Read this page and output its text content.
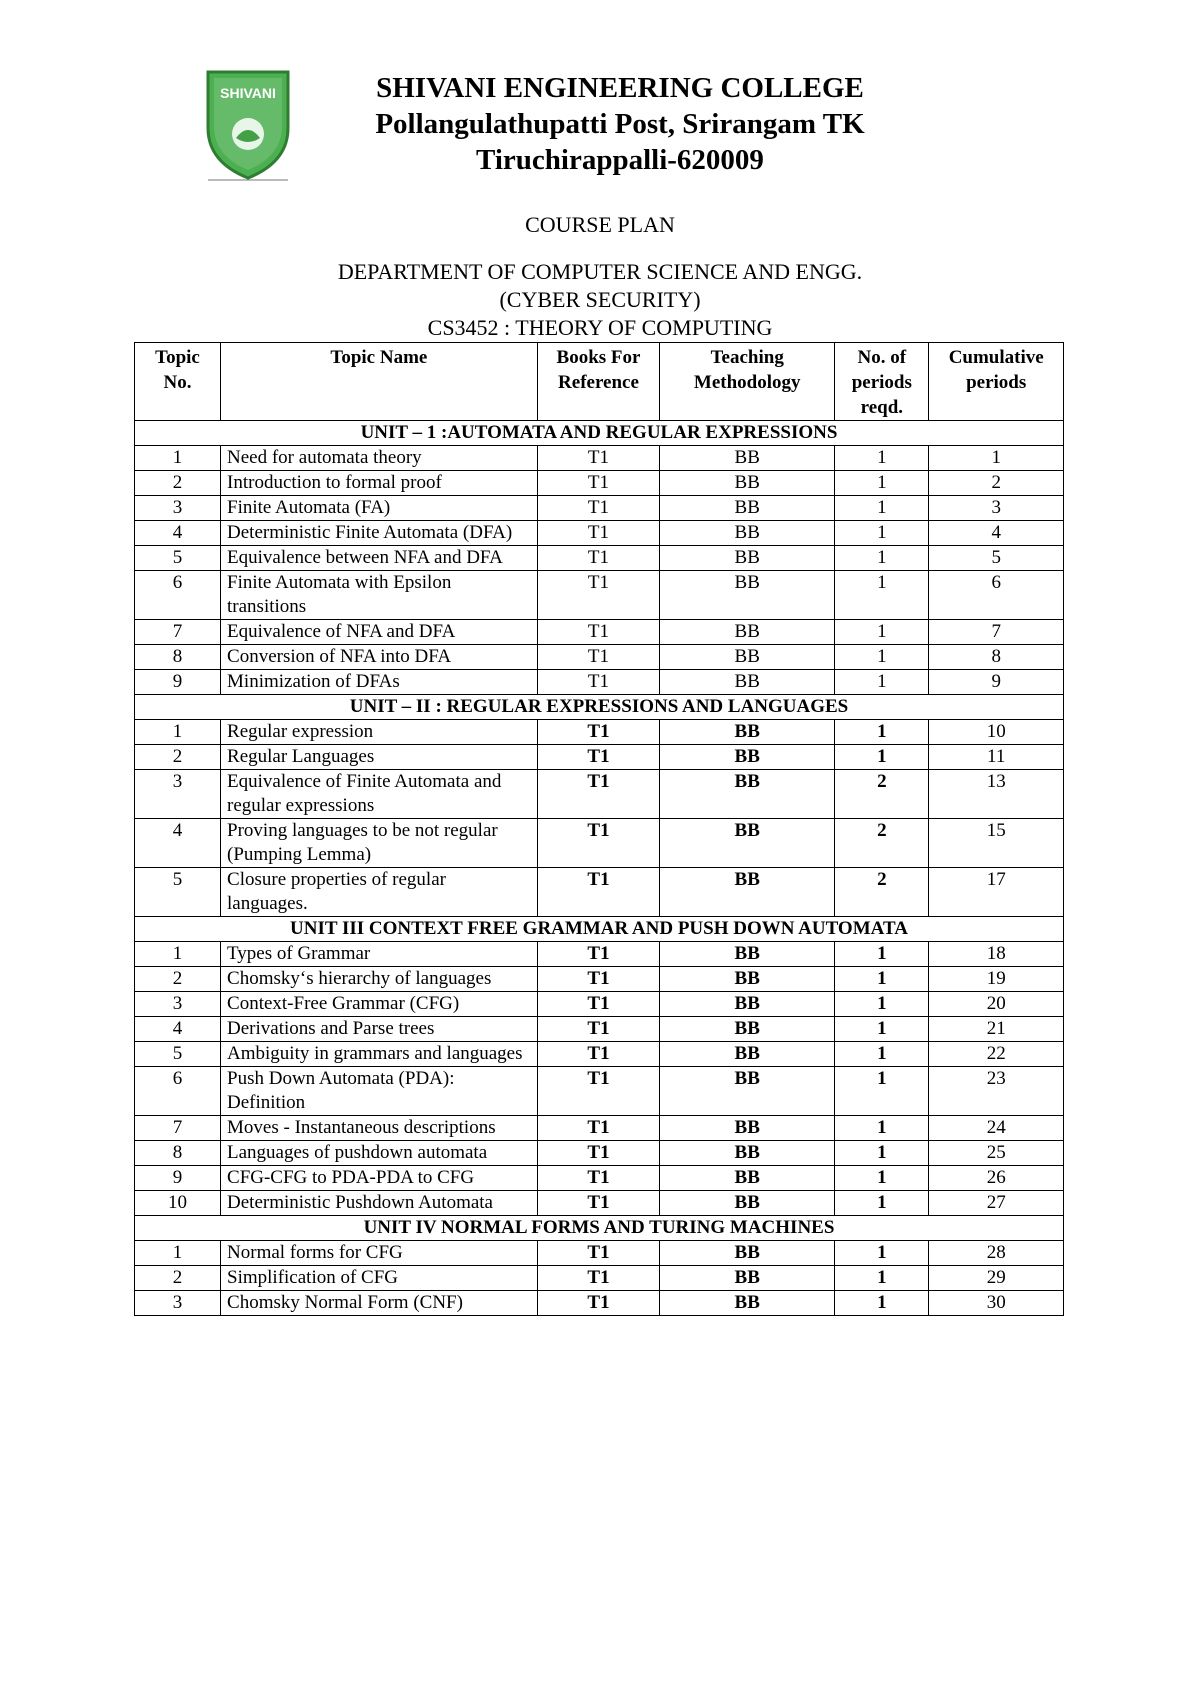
SHIVANI	SHIVANI ENGINEERING COLLEGE
Pollangulathupatti Post, Srirangam TK
Tiruchirappalli-620009
COURSE PLAN
DEPARTMENT OF COMPUTER SCIENCE AND ENGG.
(CYBER SECURITY)
CS3452 : THEORY OF COMPUTING
Topic No.	Topic Name	Books For Reference	Teaching Methodology	No. of periods reqd.	Cumulative periods
UNIT – 1 :AUTOMATA AND REGULAR EXPRESSIONS					
1	Need for automata theory	T1	BB	1	1
2	Introduction to formal proof	T1	BB	1	2
3	Finite Automata (FA)	T1	BB	1	3
4	Deterministic Finite Automata (DFA)	T1	BB	1	4
5	Equivalence between NFA and DFA	T1	BB	1	5
6	Finite Automata with Epsilon transitions	T1	BB	1	6
7	Equivalence of NFA and DFA	T1	BB	1	7
8	Conversion of NFA into DFA	T1	BB	1	8
9	Minimization of DFAs	T1	BB	1	9
UNIT – II : REGULAR EXPRESSIONS AND LANGUAGES					
1	Regular expression	T1	BB	1	10
2	Regular Languages	T1	BB	1	11
3	Equivalence of Finite Automata and regular expressions	T1	BB	2	13
4	Proving languages to be not regular (Pumping Lemma)	T1	BB	2	15
5	Closure properties of regular languages.	T1	BB	2	17
UNIT III CONTEXT FREE GRAMMAR AND PUSH DOWN AUTOMATA					
1	Types of Grammar	T1	BB	1	18
2	Chomsky‘s hierarchy of languages	T1	BB	1	19
3	Context-Free Grammar (CFG)	T1	BB	1	20
4	Derivations and Parse trees	T1	BB	1	21
5	Ambiguity in grammars and languages	T1	BB	1	22
6	Push Down Automata (PDA): Definition	T1	BB	1	23
7	Moves - Instantaneous descriptions	T1	BB	1	24
8	Languages of pushdown automata	T1	BB	1	25
9	CFG-CFG to PDA-PDA to CFG	T1	BB	1	26
10	Deterministic Pushdown Automata	T1	BB	1	27
UNIT IV NORMAL FORMS AND TURING MACHINES					
1	Normal forms for CFG	T1	BB	1	28
2	Simplification of CFG	T1	BB	1	29
3	Chomsky Normal Form (CNF)	T1	BB	1	30
